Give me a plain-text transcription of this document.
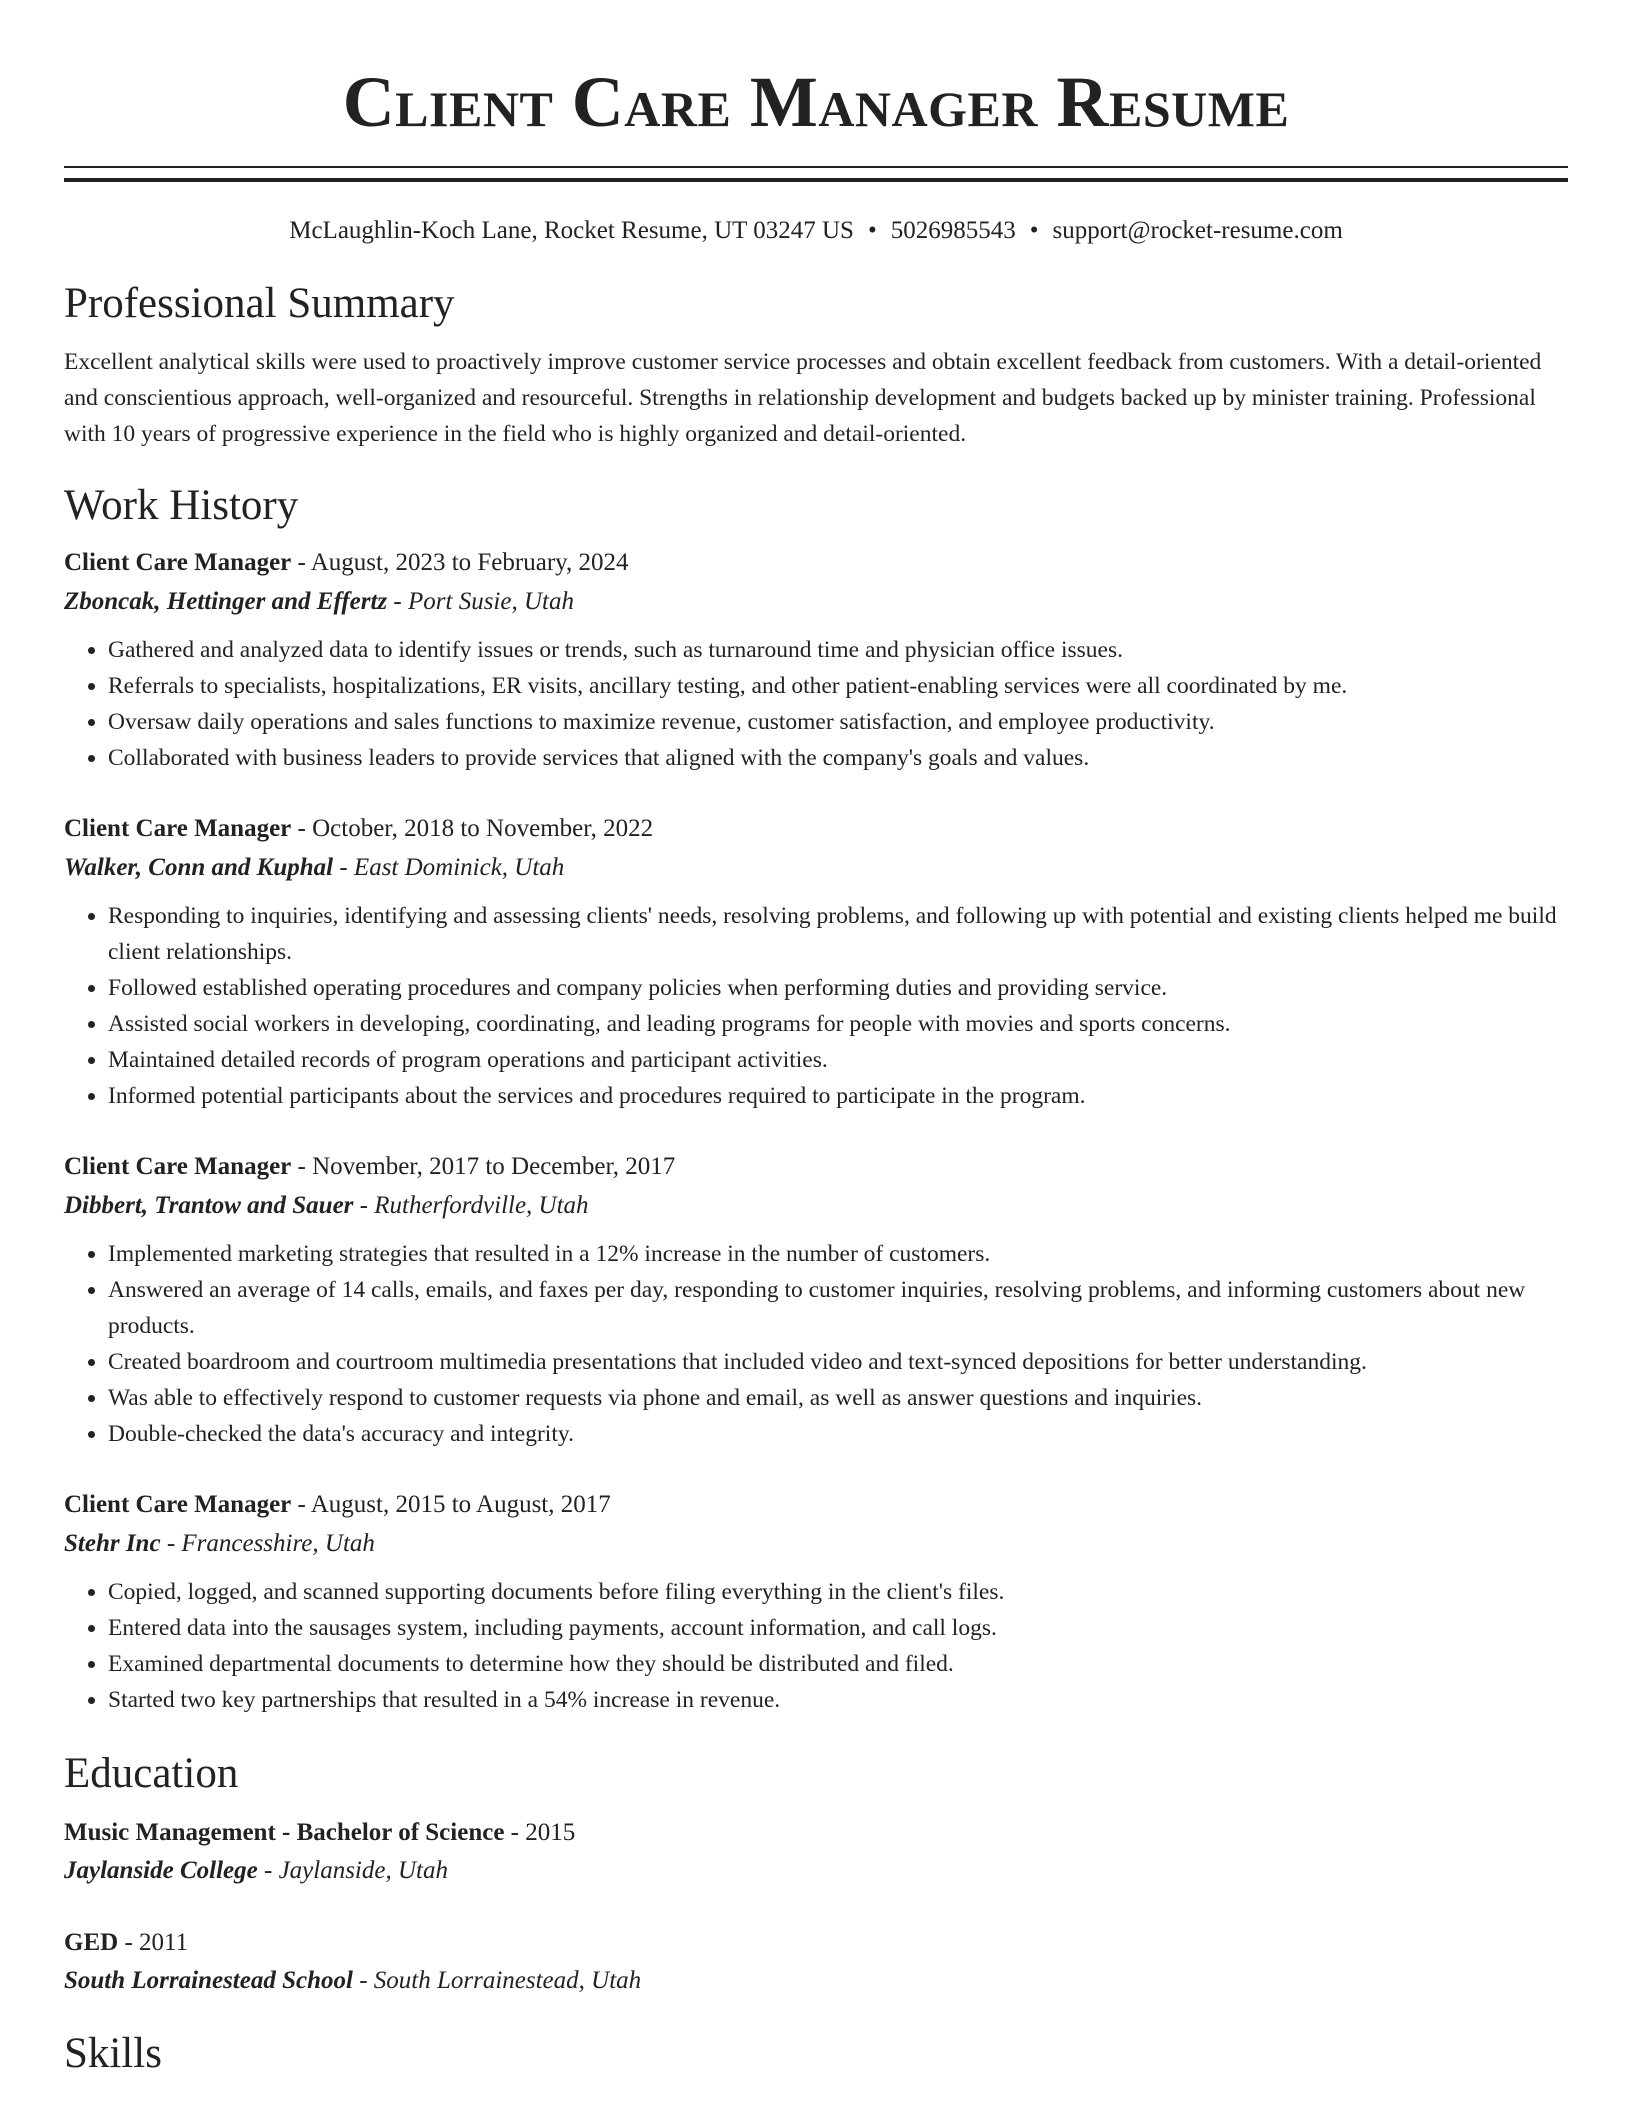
Client Care Manager Resume
McLaughlin-Koch Lane, Rocket Resume, UT 03247 US • 5026985543 • support@rocket-resume.com
Professional Summary

Excellent analytical skills were used to proactively improve customer service processes and obtain excellent feedback from customers. With a detail-oriented and conscientious approach, well-organized and resourceful. Strengths in relationship development and budgets backed up by minister training. Professional with 10 years of progressive experience in the field who is highly organized and detail-oriented.

Work History
Client Care Manager - August, 2023 to February, 2024
Zboncak, Hettinger and Effertz - Port Susie, Utah
• Gathered and analyzed data to identify issues or trends, such as turnaround time and physician office issues.
• Referrals to specialists, hospitalizations, ER visits, ancillary testing, and other patient-enabling services were all coordinated by me.
• Oversaw daily operations and sales functions to maximize revenue, customer satisfaction, and employee productivity.
• Collaborated with business leaders to provide services that aligned with the company's goals and values.
Client Care Manager - October, 2018 to November, 2022
Walker, Conn and Kuphal - East Dominick, Utah
• Responding to inquiries, identifying and assessing clients' needs, resolving problems, and following up with potential and existing clients helped me build client relationships.
• Followed established operating procedures and company policies when performing duties and providing service.
• Assisted social workers in developing, coordinating, and leading programs for people with movies and sports concerns.
• Maintained detailed records of program operations and participant activities.
• Informed potential participants about the services and procedures required to participate in the program.
Client Care Manager - November, 2017 to December, 2017
Dibbert, Trantow and Sauer - Rutherfordville, Utah
• Implemented marketing strategies that resulted in a 12% increase in the number of customers.
• Answered an average of 14 calls, emails, and faxes per day, responding to customer inquiries, resolving problems, and informing customers about new products.
• Created boardroom and courtroom multimedia presentations that included video and text-synced depositions for better understanding.
• Was able to effectively respond to customer requests via phone and email, as well as answer questions and inquiries.
• Double-checked the data's accuracy and integrity.
Client Care Manager - August, 2015 to August, 2017
Stehr Inc - Francesshire, Utah
• Copied, logged, and scanned supporting documents before filing everything in the client's files.
• Entered data into the sausages system, including payments, account information, and call logs.
• Examined departmental documents to determine how they should be distributed and filed.
• Started two key partnerships that resulted in a 54% increase in revenue.
Education
Music Management - Bachelor of Science - 2015
Jaylanside College - Jaylanside, Utah
GED - 2011
South Lorrainestead School - South Lorrainestead, Utah
Skills
